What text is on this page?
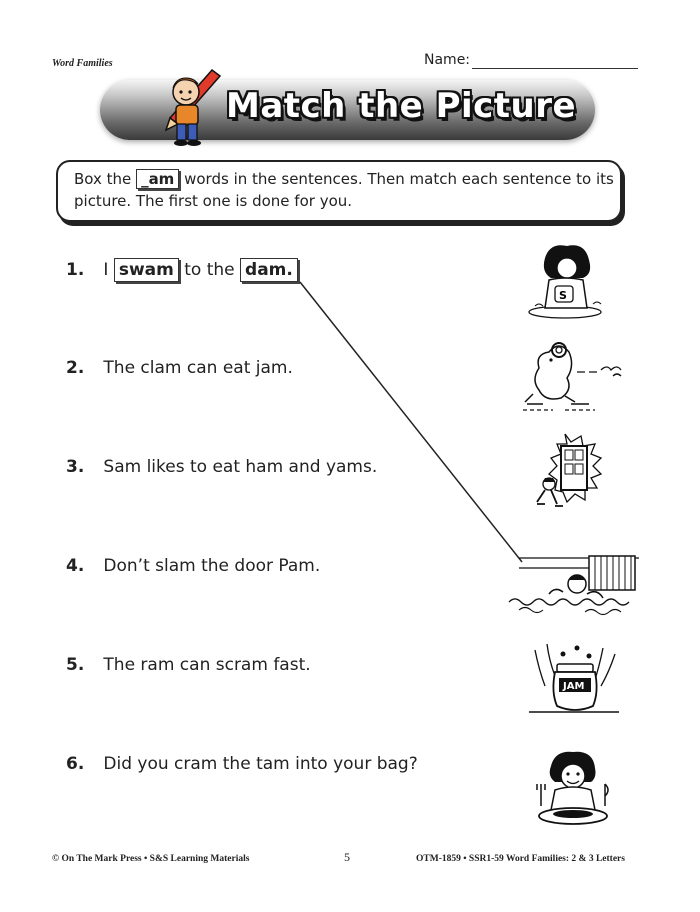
Word Families	Name:
Match the Picture
Box the _am words in the sentences. Then match each sentence to its picture. The first one is done for you.
1. I swam to the dam.
2. The clam can eat jam.
3. Sam likes to eat ham and yams.
4. Don’t slam the door Pam.
5. The ram can scram fast.
6. Did you cram the tam into your bag?
S
JAM
© On The Mark Press • S&S Learning Materials	5	OTM-1859 • SSR1-59 Word Families: 2 & 3 Letters
